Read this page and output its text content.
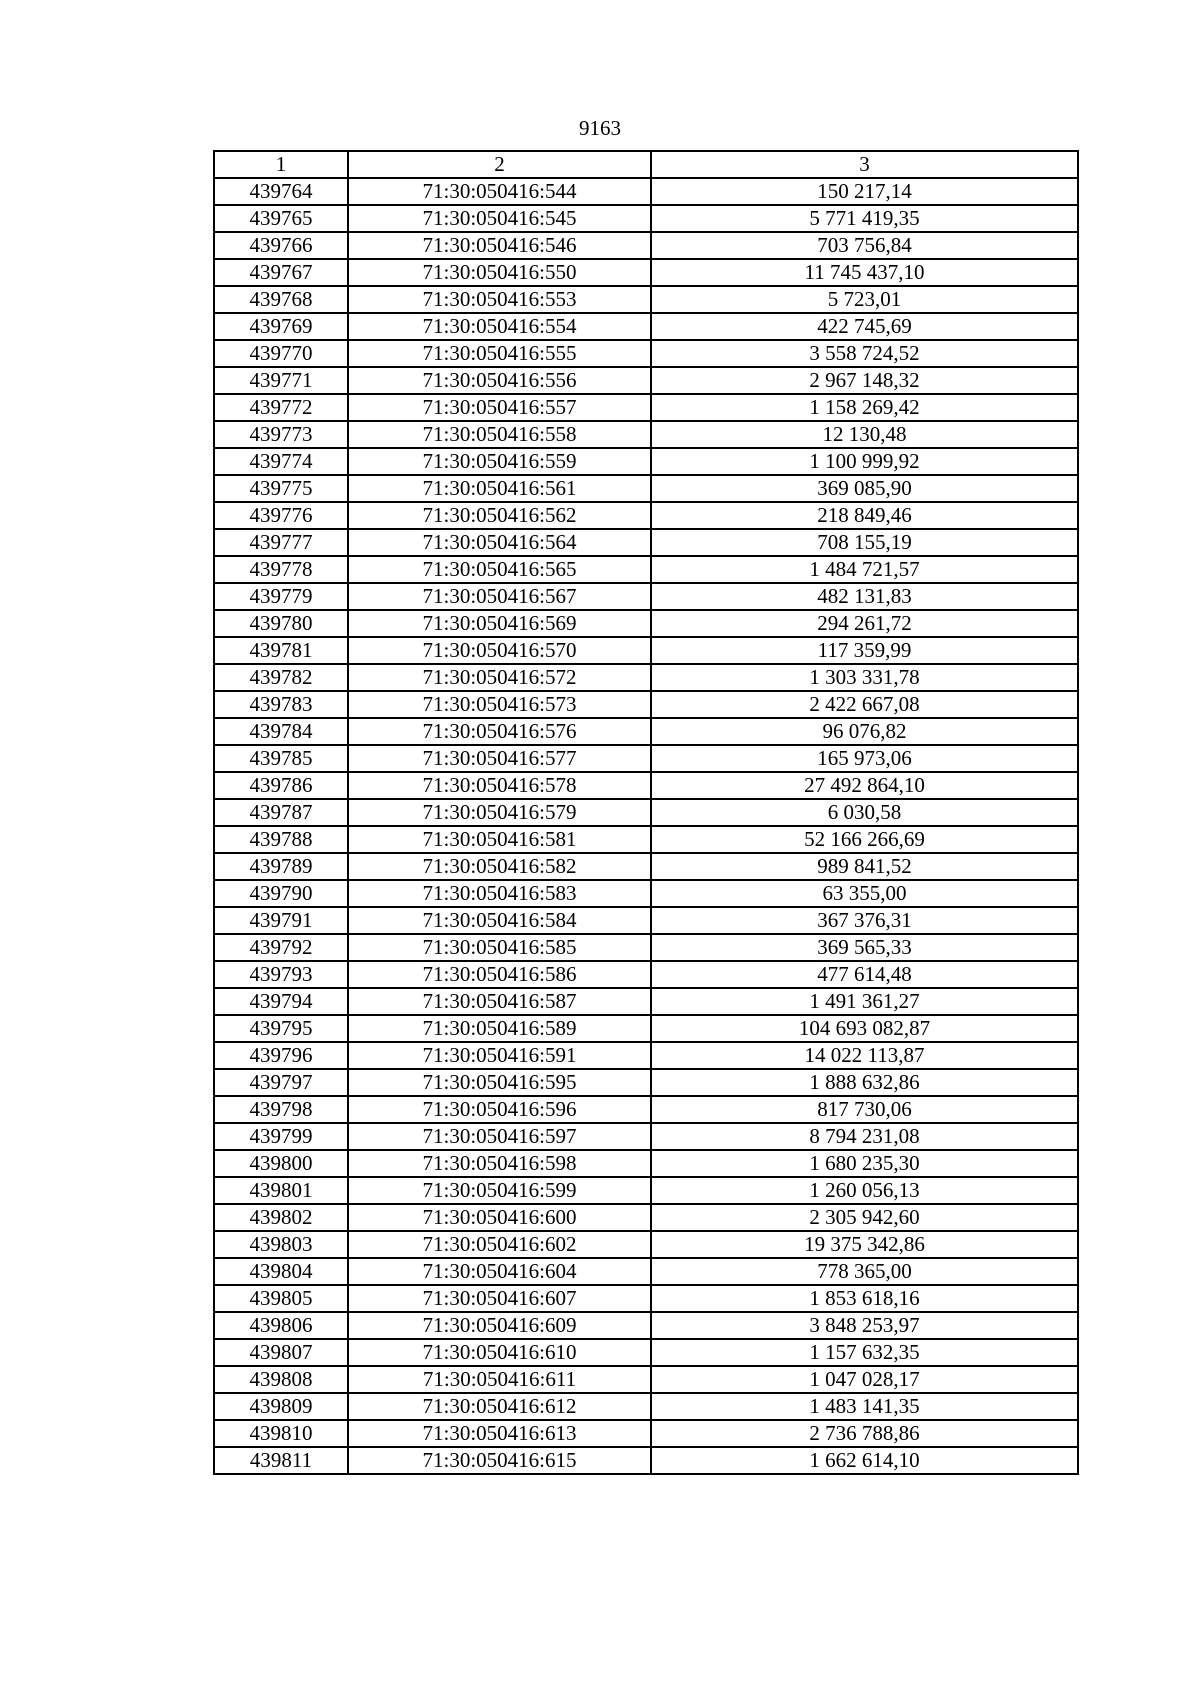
9163
1	2	3
439764	71:30:050416:544	150 217,14
439765	71:30:050416:545	5 771 419,35
439766	71:30:050416:546	703 756,84
439767	71:30:050416:550	11 745 437,10
439768	71:30:050416:553	5 723,01
439769	71:30:050416:554	422 745,69
439770	71:30:050416:555	3 558 724,52
439771	71:30:050416:556	2 967 148,32
439772	71:30:050416:557	1 158 269,42
439773	71:30:050416:558	12 130,48
439774	71:30:050416:559	1 100 999,92
439775	71:30:050416:561	369 085,90
439776	71:30:050416:562	218 849,46
439777	71:30:050416:564	708 155,19
439778	71:30:050416:565	1 484 721,57
439779	71:30:050416:567	482 131,83
439780	71:30:050416:569	294 261,72
439781	71:30:050416:570	117 359,99
439782	71:30:050416:572	1 303 331,78
439783	71:30:050416:573	2 422 667,08
439784	71:30:050416:576	96 076,82
439785	71:30:050416:577	165 973,06
439786	71:30:050416:578	27 492 864,10
439787	71:30:050416:579	6 030,58
439788	71:30:050416:581	52 166 266,69
439789	71:30:050416:582	989 841,52
439790	71:30:050416:583	63 355,00
439791	71:30:050416:584	367 376,31
439792	71:30:050416:585	369 565,33
439793	71:30:050416:586	477 614,48
439794	71:30:050416:587	1 491 361,27
439795	71:30:050416:589	104 693 082,87
439796	71:30:050416:591	14 022 113,87
439797	71:30:050416:595	1 888 632,86
439798	71:30:050416:596	817 730,06
439799	71:30:050416:597	8 794 231,08
439800	71:30:050416:598	1 680 235,30
439801	71:30:050416:599	1 260 056,13
439802	71:30:050416:600	2 305 942,60
439803	71:30:050416:602	19 375 342,86
439804	71:30:050416:604	778 365,00
439805	71:30:050416:607	1 853 618,16
439806	71:30:050416:609	3 848 253,97
439807	71:30:050416:610	1 157 632,35
439808	71:30:050416:611	1 047 028,17
439809	71:30:050416:612	1 483 141,35
439810	71:30:050416:613	2 736 788,86
439811	71:30:050416:615	1 662 614,10
